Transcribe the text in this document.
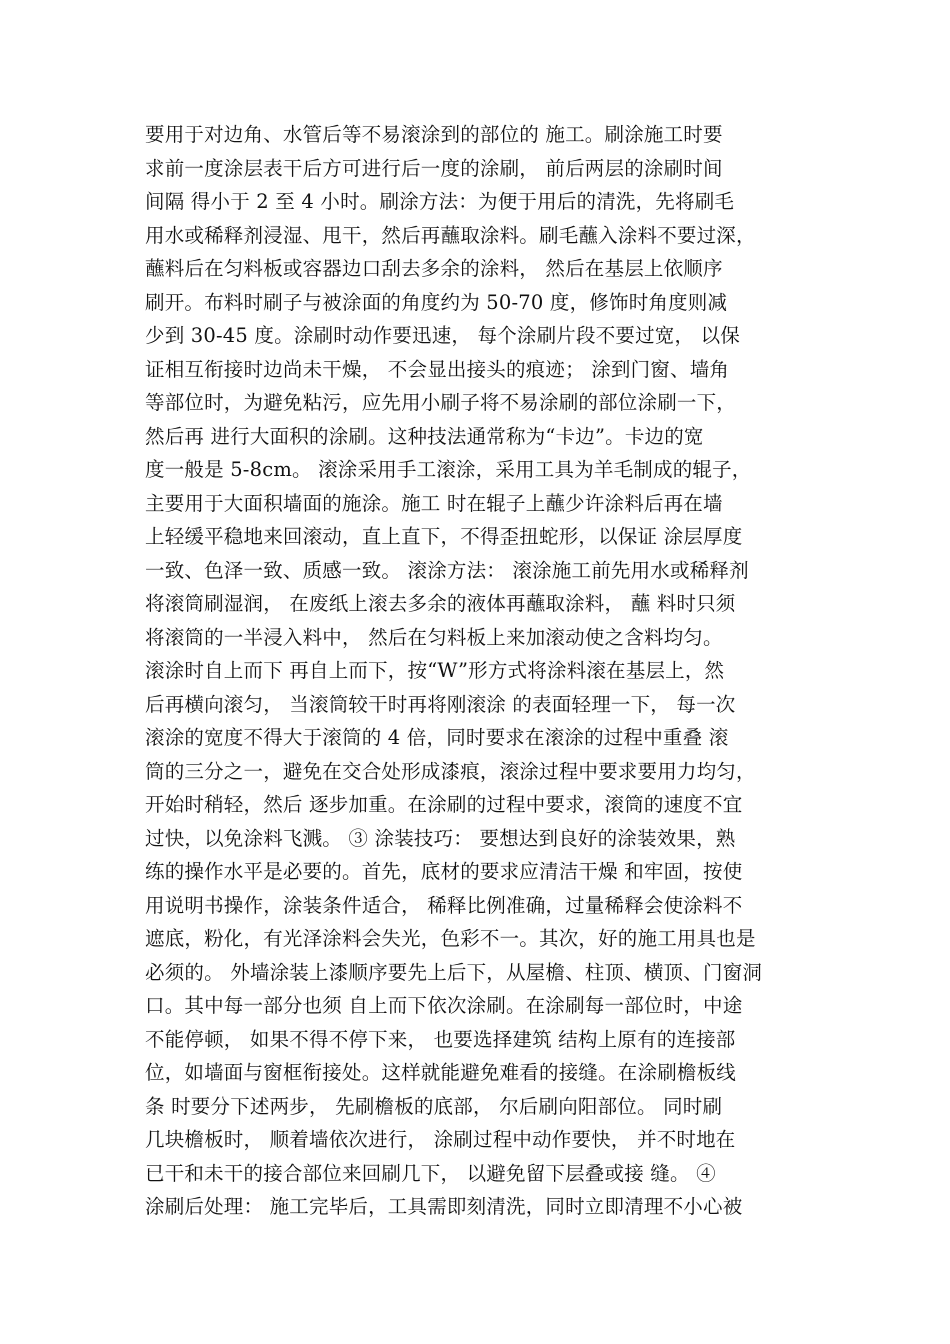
要用于对边角、水管后等不易滚涂到的部位的 施工。刷涂施工时要
求前一度涂层表干后方可进行后一度的涂刷， 前后两层的涂刷时间
间隔 得小于 2 至 4 小时。刷涂方法：为便于用后的清洗，先将刷毛
用水或稀释剂浸湿、甩干，然后再蘸取涂料。刷毛蘸入涂料不要过深，
蘸料后在匀料板或容器边口刮去多余的涂料， 然后在基层上依顺序
刷开。布料时刷子与被涂面的角度约为 50-70 度，修饰时角度则减
少到 30-45 度。涂刷时动作要迅速， 每个涂刷片段不要过宽， 以保
证相互衔接时边尚未干燥， 不会显出接头的痕迹； 涂到门窗、墙角
等部位时，为避免粘污，应先用小刷子将不易涂刷的部位涂刷一下，
然后再 进行大面积的涂刷。这种技法通常称为“卡边”。卡边的宽
度一般是 5-8cm。 滚涂采用手工滚涂，采用工具为羊毛制成的辊子，
主要用于大面积墙面的施涂。施工 时在辊子上蘸少许涂料后再在墙
上轻缓平稳地来回滚动，直上直下，不得歪扭蛇形，以保证 涂层厚度
一致、色泽一致、质感一致。 滚涂方法： 滚涂施工前先用水或稀释剂
将滚筒刷湿润， 在废纸上滚去多余的液体再蘸取涂料， 蘸 料时只须
将滚筒的一半浸入料中， 然后在匀料板上来加滚动使之含料均匀。
滚涂时自上而下 再自上而下，按“W”形方式将涂料滚在基层上，然
后再横向滚匀， 当滚筒较干时再将刚滚涂 的表面轻理一下， 每一次
滚涂的宽度不得大于滚筒的 4 倍，同时要求在滚涂的过程中重叠 滚
筒的三分之一，避免在交合处形成漆痕，滚涂过程中要求要用力均匀，
开始时稍轻，然后 逐步加重。在涂刷的过程中要求，滚筒的速度不宜
过快，以免涂料飞溅。 ③ 涂装技巧： 要想达到良好的涂装效果，熟
练的操作水平是必要的。首先，底材的要求应清洁干燥 和牢固，按使
用说明书操作，涂装条件适合， 稀释比例准确，过量稀释会使涂料不
遮底，粉化，有光泽涂料会失光，色彩不一。其次，好的施工用具也是
必须的。 外墙涂装上漆顺序要先上后下，从屋檐、柱顶、横顶、门窗洞
口。其中每一部分也须 自上而下依次涂刷。在涂刷每一部位时，中途
不能停顿， 如果不得不停下来， 也要选择建筑 结构上原有的连接部
位，如墙面与窗框衔接处。这样就能避免难看的接缝。在涂刷檐板线
条 时要分下述两步， 先刷檐板的底部， 尔后刷向阳部位。 同时刷
几块檐板时， 顺着墙依次进行， 涂刷过程中动作要快， 并不时地在
已干和未干的接合部位来回刷几下， 以避免留下层叠或接 缝。 ④
涂刷后处理： 施工完毕后，工具需即刻清洗，同时立即清理不小心被
